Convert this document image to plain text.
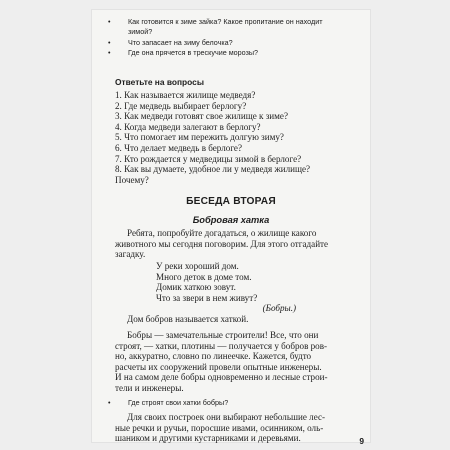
•	Как готовится к зиме зайка? Какое пропитание он находит
зимой?
•	Что запасает на зиму белочка?
•	Где она прячется в трескучие морозы?
Ответьте на вопросы
1. Как называется жилище медведя?
2. Где медведь выбирает берлогу?
3. Как медведи готовят свое жилище к зиме?
4. Когда медведи залегают в берлогу?
5. Что помогает им пережить долгую зиму?
6. Что делает медведь в берлоге?
7. Кто рождается у медведицы зимой в берлоге?
8. Как вы думаете, удобное ли у медведя жилище?
Почему?
БЕСЕДА ВТОРАЯ
Бобровая хатка
Ребята, попробуйте догадаться, о жилище какого
животного мы сегодня поговорим. Для этого отгадайте
загадку.
У реки хороший дом.
Много деток в доме том.
Домик хаткою зовут.
Что за звери в нем живут?
(Бобры.)
Дом бобров называется хаткой.
Бобры — замечательные строители! Все, что они
строят, — хатки, плотины — получается у бобров ров-
но, аккуратно, словно по линеечке. Кажется, будто
расчеты их сооружений провели опытные инженеры.
И на самом деле бобры одновременно и лесные строи-
тели и инженеры.
•	Где строят свои хатки бобры?
Для своих построек они выбирают небольшие лес-
ные речки и ручьи, поросшие ивами, осинником, оль-
шаником и другими кустарниками и деревьями.	9
